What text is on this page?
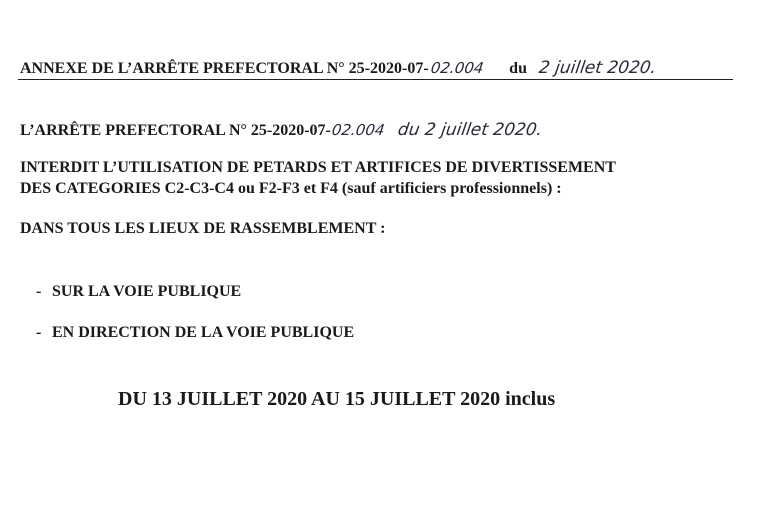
ANNEXE DE L’ARRÊTE PREFECTORAL N° 25-2020-07-02.004 du 2 juillet 2020.
L’ARRÊTE PREFECTORAL N° 25-2020-07-02.004 du 2 juillet 2020.
INTERDIT L’UTILISATION DE PETARDS ET ARTIFICES DE DIVERTISSEMENT
DES CATEGORIES C2-C3-C4 ou F2-F3 et F4 (sauf artificiers professionnels) :
DANS TOUS LES LIEUX DE RASSEMBLEMENT :
- SUR LA VOIE PUBLIQUE
- EN DIRECTION DE LA VOIE PUBLIQUE
DU 13 JUILLET 2020 AU 15 JUILLET 2020 inclus
